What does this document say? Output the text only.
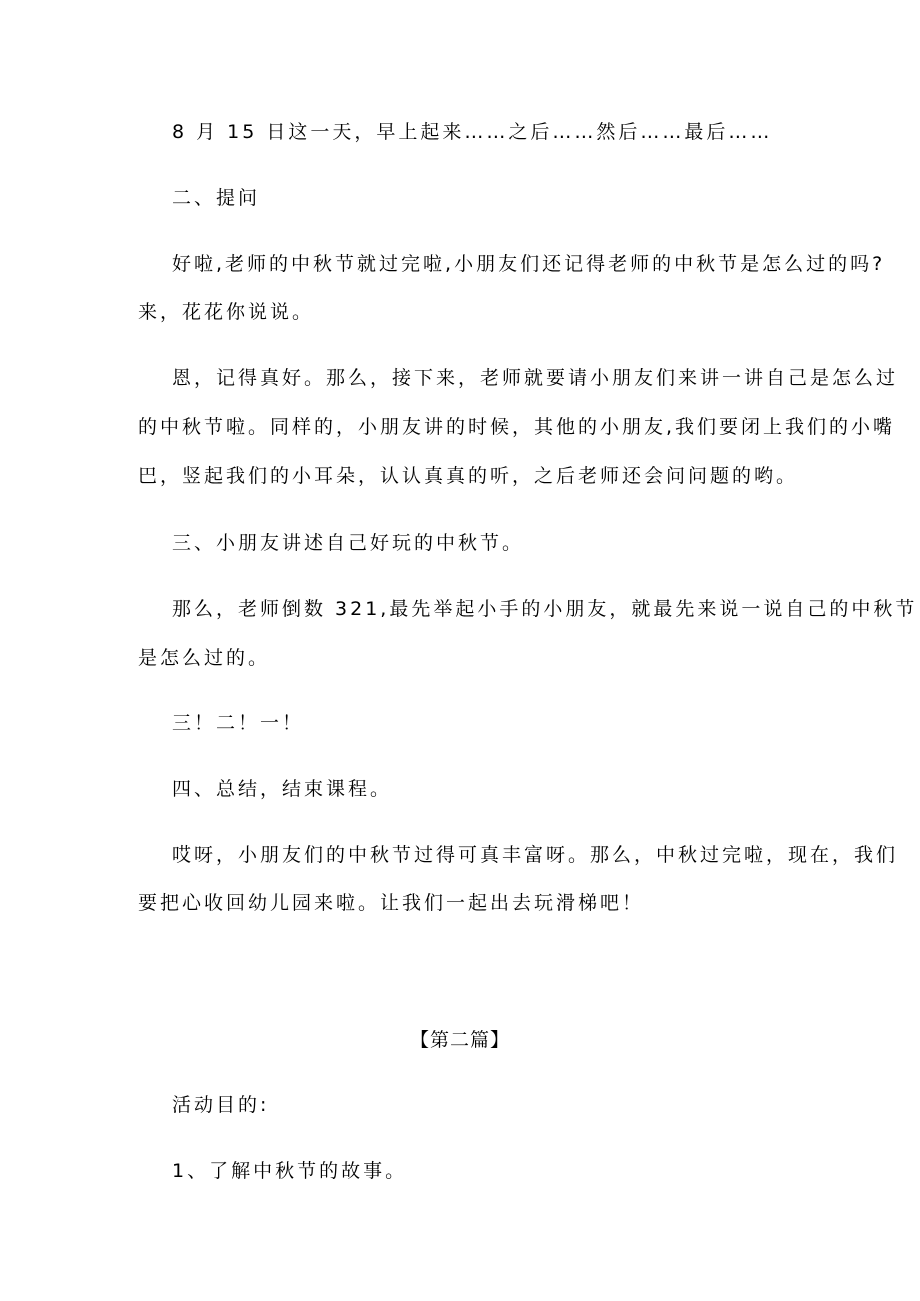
8 月 15 日这一天，早上起来……之后……然后……最后……
二、提问
好啦,老师的中秋节就过完啦,小朋友们还记得老师的中秋节是怎么过的吗?
来，花花你说说。
恩，记得真好。那么，接下来，老师就要请小朋友们来讲一讲自己是怎么过
的中秋节啦。同样的，小朋友讲的时候，其他的小朋友,我们要闭上我们的小嘴
巴，竖起我们的小耳朵，认认真真的听，之后老师还会问问题的哟。
三、小朋友讲述自己好玩的中秋节。
那么，老师倒数 321,最先举起小手的小朋友，就最先来说一说自己的中秋节
是怎么过的。
三！二！一！
四、总结，结束课程。
哎呀，小朋友们的中秋节过得可真丰富呀。那么，中秋过完啦，现在，我们
要把心收回幼儿园来啦。让我们一起出去玩滑梯吧！
【第二篇】
活动目的:
1、了解中秋节的故事。
